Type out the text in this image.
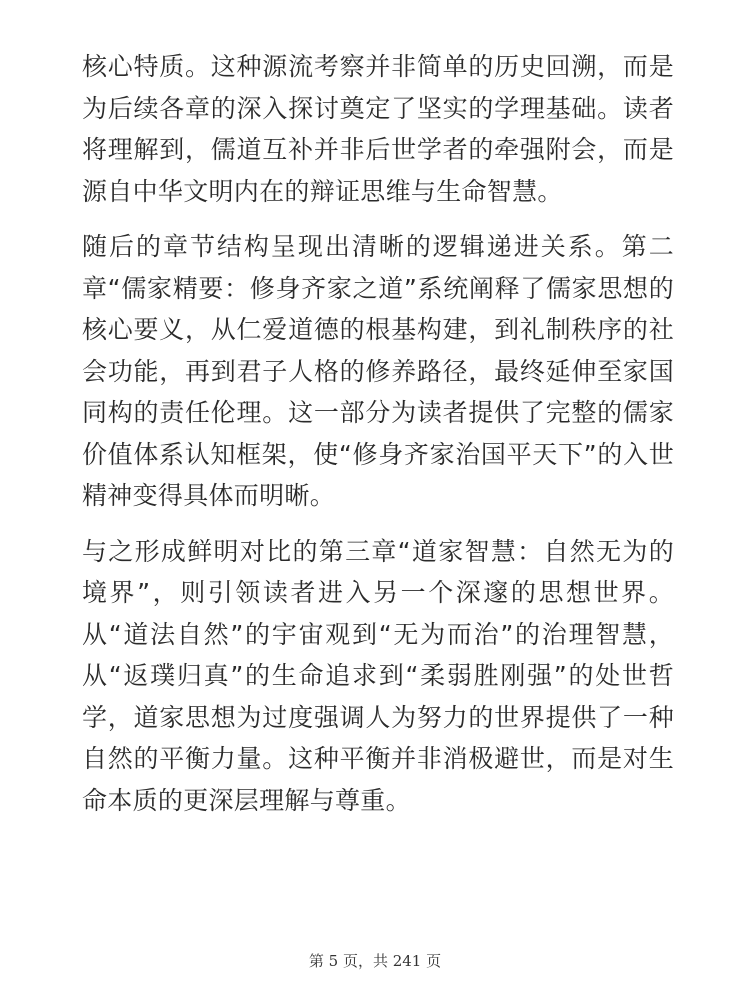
核心特质。这种源流考察并非简单的历史回溯，而是为后续各章的深入探讨奠定了坚实的学理基础。读者将理解到，儒道互补并非后世学者的牵强附会，而是源自中华文明内在的辩证思维与生命智慧。

随后的章节结构呈现出清晰的逻辑递进关系。第二章“儒家精要：修身齐家之道”系统阐释了儒家思想的核心要义，从仁爱道德的根基构建，到礼制秩序的社会功能，再到君子人格的修养路径，最终延伸至家国同构的责任伦理。这一部分为读者提供了完整的儒家价值体系认知框架，使“修身齐家治国平天下”的入世精神变得具体而明晰。

与之形成鲜明对比的第三章“道家智慧：自然无为的境界”，则引领读者进入另一个深邃的思想世界。从“道法自然”的宇宙观到“无为而治”的治理智慧，从“返璞归真”的生命追求到“柔弱胜刚强”的处世哲学，道家思想为过度强调人为努力的世界提供了一种自然的平衡力量。这种平衡并非消极避世，而是对生命本质的更深层理解与尊重。

第 5 页，共 241 页
